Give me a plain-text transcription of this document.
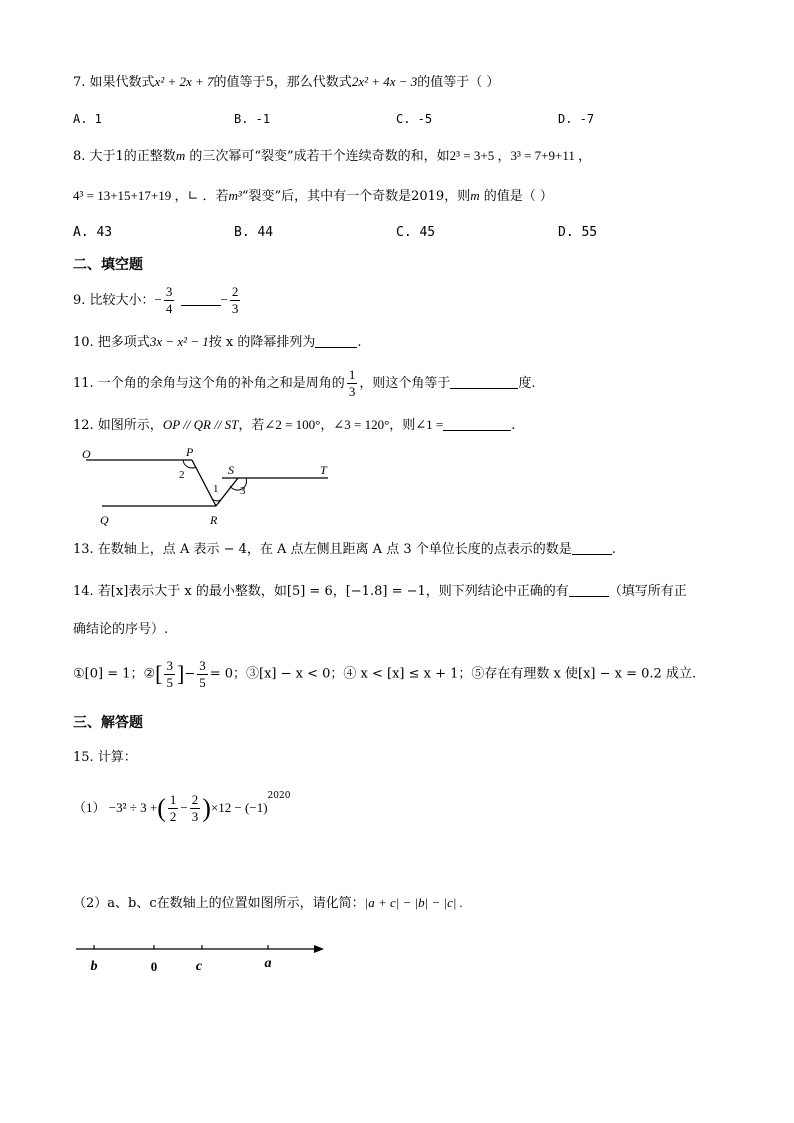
7. 如果代数式x² + 2x + 7的值等于5，那么代数式2x² + 4x − 3的值等于（ ）
A. 1	B. -1	C. -5	D. -7
8. 大于1的正整数m 的三次幂可“裂变”成若干个连续奇数的和，如2³ = 3+5 ，3³ = 7+9+11 ，
4³ = 13+15+17+19 ，∟ ．若m³“裂变”后，其中有一个奇数是2019，则m 的值是（ ）
A. 43	B. 44	C. 45	D. 55
二、填空题
9. 比较大小：− $\frac{3}{4}$	− $\frac{2}{3}$
10. 把多项式3x − x² − 1按 x 的降幂排列为	.
11. 一个角的余角与这个角的补角之和是周角的 $\frac{1}{3}$ ，则这个角等于	度.
12. 如图所示，OP // QR // ST，若∠2 = 100°，∠3 = 120°，则∠1 =	.
O	P
S	T
Q	R
1
2
3
13. 在数轴上，点 A 表示 − 4，在 A 点左侧且距离 A 点 3 个单位长度的点表示的数是	.
14. 若[x]表示大于 x 的最小整数，如[5] = 6，[−1.8] = −1，则下列结论中正确的有	（填写所有正
确结论的序号）.
①[0] = 1；②[ $\frac{3}{5}$ ]− $\frac{3}{5} = 0$；③[x] − x < 0；④ x < [x] ≤ x + 1；⑤存在有理数 x 使[x] − x = 0.2 成立.
三、解答题
15. 计算：
（1） −3² ÷ 3 +( $\frac{1}{2} - \frac{2}{3} )\times 12 - (-1)^{2020}$
（2）a、b、c在数轴上的位置如图所示，请化简：|a + c| − |b| − |c| .
b	0	c	a
